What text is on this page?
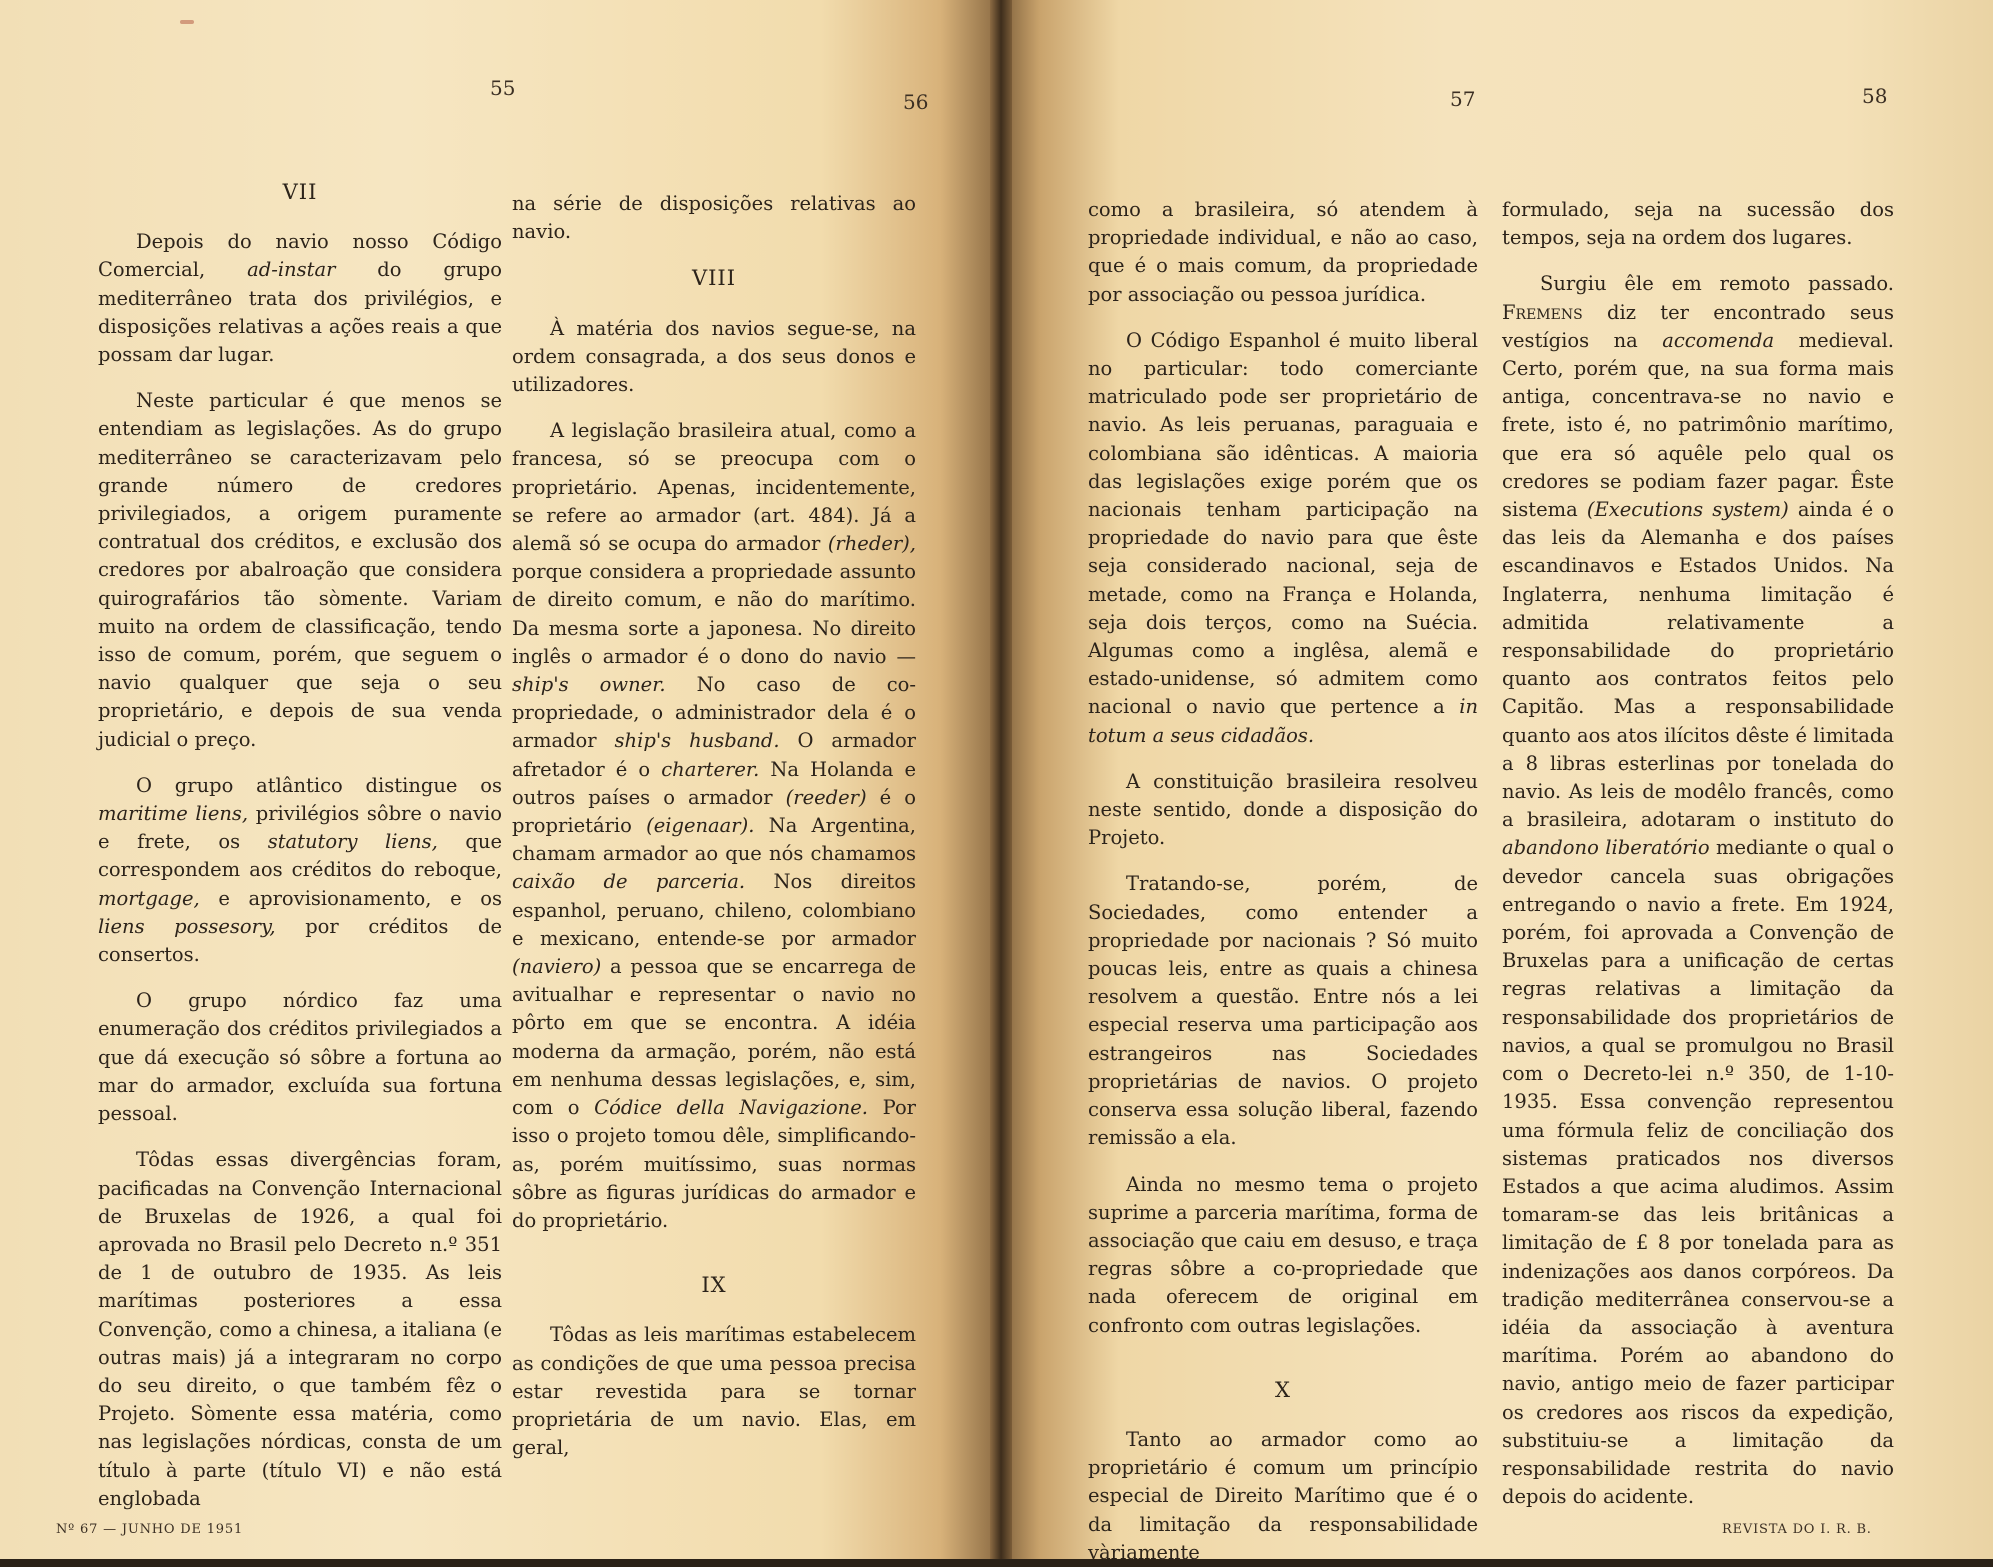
55
56	57	58
VII

Depois do navio nosso Código Comercial, ad-instar do grupo mediterrâneo trata dos privilégios, e disposições relativas a ações reais a que possam dar lugar.

Neste particular é que menos se entendiam as legislações. As do grupo mediterrâneo se caracterizavam pelo grande número de credores privilegiados, a origem puramente contratual dos créditos, e exclusão dos credores por abalroação que considera quirografários tão sòmente. Variam muito na ordem de classificação, tendo isso de comum, porém, que seguem o navio qualquer que seja o seu proprietário, e depois de sua venda judicial o preço.

O grupo atlântico distingue os maritime liens, privilégios sôbre o navio e frete, os statutory liens, que correspondem aos créditos do reboque, mortgage, e aprovisionamento, e os liens possesory, por créditos de consertos.

O grupo nórdico faz uma enumeração dos créditos privilegiados a que dá execução só sôbre a fortuna ao mar do armador, excluída sua fortuna pessoal.

Tôdas essas divergências foram, pacificadas na Convenção Internacional de Bruxelas de 1926, a qual foi aprovada no Brasil pelo Decreto n.º 351 de 1 de outubro de 1935. As leis marítimas posteriores a essa Convenção, como a chinesa, a italiana (e outras mais) já a integraram no corpo do seu direito, o que também fêz o Projeto. Sòmente essa matéria, como nas legislações nórdicas, consta de um título à parte (título VI) e não está englobada

na série de disposições relativas ao navio.

VIII

À matéria dos navios segue-se, na ordem consagrada, a dos seus donos e utilizadores.

A legislação brasileira atual, como a francesa, só se preocupa com o proprietário. Apenas, incidentemente, se refere ao armador (art. 484). Já a alemã só se ocupa do armador (rheder), porque considera a propriedade assunto de direito comum, e não do marítimo. Da mesma sorte a japonesa. No direito inglês o armador é o dono do navio — ship's owner. No caso de co-propriedade, o administrador dela é o armador ship's husband. O armador afretador é o charterer. Na Holanda e outros países o armador (reeder) é o proprietário (eigenaar). Na Argentina, chamam armador ao que nós chamamos caixão de parceria. Nos direitos espanhol, peruano, chileno, colombiano e mexicano, entende-se por armador (naviero) a pessoa que se encarrega de avitualhar e representar o navio no pôrto em que se encontra. A idéia moderna da armação, porém, não está em nenhuma dessas legislações, e, sim, com o Códice della Navigazione. Por isso o projeto tomou dêle, simplificando-as, porém muitíssimo, suas normas sôbre as figuras jurídicas do armador e do proprietário.

IX

Tôdas as leis marítimas estabelecem as condições de que uma pessoa precisa estar revestida para se tornar proprietária de um navio. Elas, em geral,

como a brasileira, só atendem à propriedade individual, e não ao caso, que é o mais comum, da propriedade por associação ou pessoa jurídica.

O Código Espanhol é muito liberal no particular: todo comerciante matriculado pode ser proprietário de navio. As leis peruanas, paraguaia e colombiana são idênticas. A maioria das legislações exige porém que os nacionais tenham participação na propriedade do navio para que êste seja considerado nacional, seja de metade, como na França e Holanda, seja dois terços, como na Suécia. Algumas como a inglêsa, alemã e estado-unidense, só admitem como nacional o navio que pertence a in totum a seus cidadãos.

A constituição brasileira resolveu neste sentido, donde a disposição do Projeto.

Tratando-se, porém, de Sociedades, como entender a propriedade por nacionais ? Só muito poucas leis, entre as quais a chinesa resolvem a questão. Entre nós a lei especial reserva uma participação aos estrangeiros nas Sociedades proprietárias de navios. O projeto conserva essa solução liberal, fazendo remissão a ela.

Ainda no mesmo tema o projeto suprime a parceria marítima, forma de associação que caiu em desuso, e traça regras sôbre a co-propriedade que nada oferecem de original em confronto com outras legislações.

X

Tanto ao armador como ao proprietário é comum um princípio especial de Direito Marítimo que é o da limitação da responsabilidade vàriamente

formulado, seja na sucessão dos tempos, seja na ordem dos lugares.

Surgiu êle em remoto passado. Fremens diz ter encontrado seus vestígios na accomenda medieval. Certo, porém que, na sua forma mais antiga, concentrava-se no navio e frete, isto é, no patrimônio marítimo, que era só aquêle pelo qual os credores se podiam fazer pagar. Êste sistema (Executions system) ainda é o das leis da Alemanha e dos países escandinavos e Estados Unidos. Na Inglaterra, nenhuma limitação é admitida relativamente a responsabilidade do proprietário quanto aos contratos feitos pelo Capitão. Mas a responsabilidade quanto aos atos ilícitos dêste é limitada a 8 libras esterlinas por tonelada do navio. As leis de modêlo francês, como a brasileira, adotaram o instituto do abandono liberatório mediante o qual o devedor cancela suas obrigações entregando o navio a frete. Em 1924, porém, foi aprovada a Convenção de Bruxelas para a unificação de certas regras relativas a limitação da responsabilidade dos proprietários de navios, a qual se promulgou no Brasil com o Decreto-lei n.º 350, de 1-10-1935. Essa convenção representou uma fórmula feliz de conciliação dos sistemas praticados nos diversos Estados a que acima aludimos. Assim tomaram-se das leis britânicas a limitação de £ 8 por tonelada para as indenizações aos danos corpóreos. Da tradição mediterrânea conservou-se a idéia da associação à aventura marítima. Porém ao abandono do navio, antigo meio de fazer participar os credores aos riscos da expedição, substituiu-se a limitação da responsabilidade restrita do navio depois do acidente.

Nº 67 — JUNHO DE 1951	REVISTA DO I. R. B.
